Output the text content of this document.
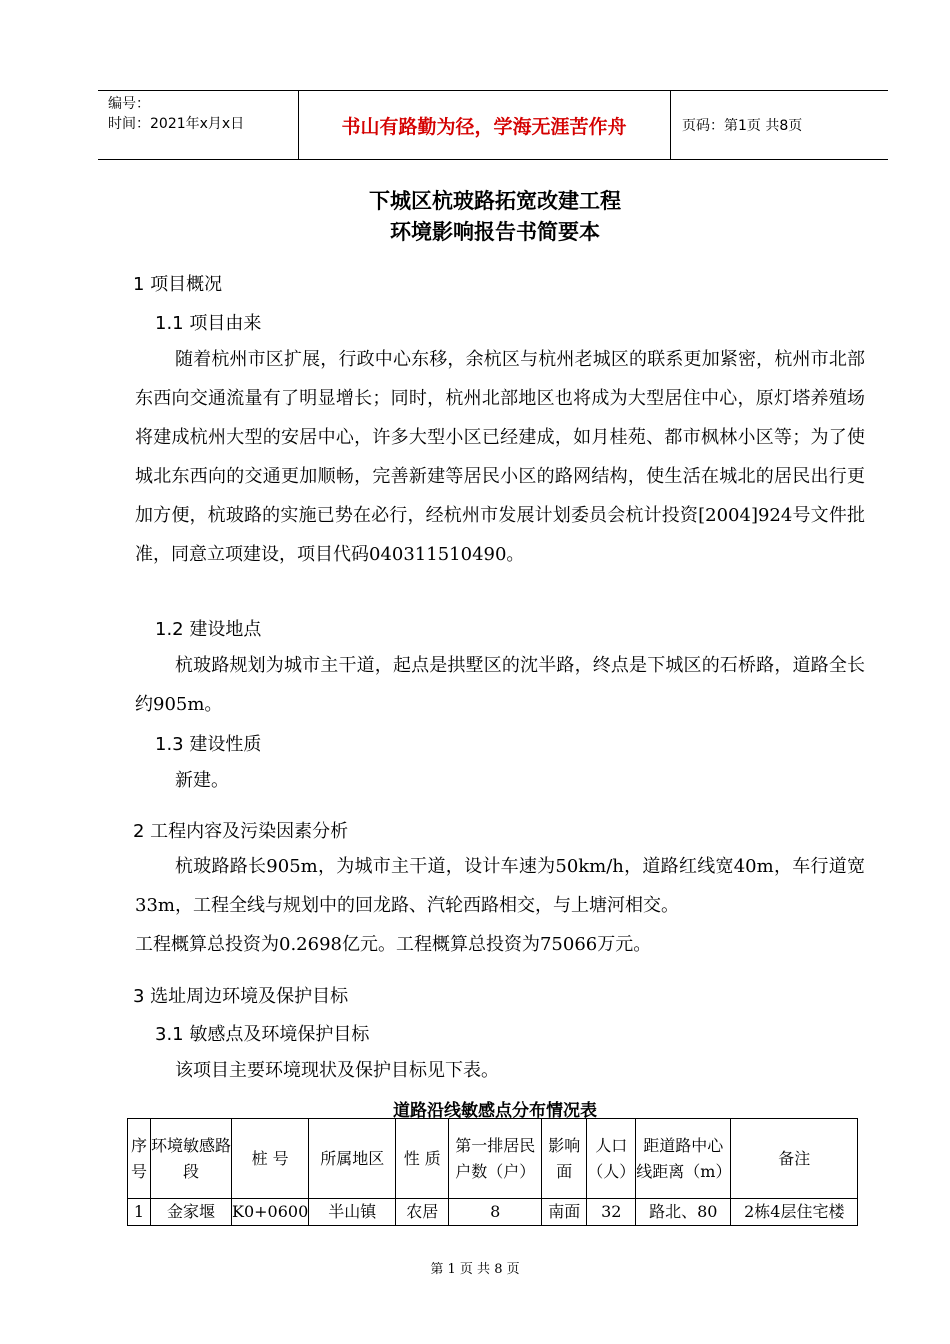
编号：
时间：2021年x月x日	书山有路勤为径，学海无涯苦作舟	页码：第1页 共8页
下城区杭玻路拓宽改建工程
环境影响报告书简要本
1 项目概况
1.1 项目由来

随着杭州市区扩展，行政中心东移，余杭区与杭州老城区的联系更加紧密，杭州市北部东西向交通流量有了明显增长；同时，杭州北部地区也将成为大型居住中心，原灯塔养殖场将建成杭州大型的安居中心，许多大型小区已经建成，如月桂苑、都市枫林小区等；为了使城北东西向的交通更加顺畅，完善新建等居民小区的路网结构，使生活在城北的居民出行更加方便，杭玻路的实施已势在必行，经杭州市发展计划委员会杭计投资[2004]924号文件批准，同意立项建设，项目代码040311510490。

1.2 建设地点

杭玻路规划为城市主干道，起点是拱墅区的沈半路，终点是下城区的石桥路，道路全长约905m。

1.3 建设性质

新建。

2 工程内容及污染因素分析

杭玻路路长905m，为城市主干道，设计车速为50km/h，道路红线宽40m，车行道宽33m，工程全线与规划中的回龙路、汽轮西路相交，与上塘河相交。

工程概算总投资为0.2698亿元。工程概算总投资为75066万元。

3 选址周边环境及保护目标
3.1 敏感点及环境保护目标

该项目主要环境现状及保护目标见下表。

道路沿线敏感点分布情况表
序号	环境敏感路段	桩 号	所属地区	性 质	第一排居民户数（户）	影响面	人口（人）	距道路中心线距离（m）	备注
1	金家堰	K0+0600	半山镇	农居	8	南面	32	路北、80	2栋4层住宅楼
第 1 页 共 8 页
